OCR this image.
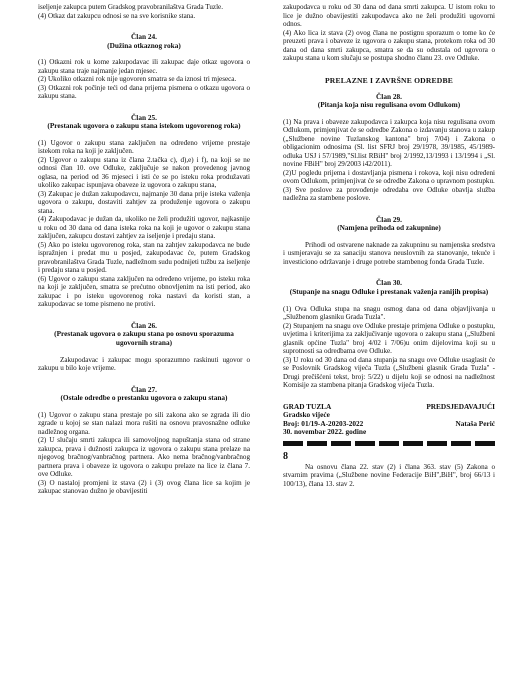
iseljenje zakupca putem Gradskog pravobranilaštva Grada Tuzle.

(4) Otkaz dat zakupcu odnosi se na sve korisnike stana.

Član 24.

(Dužina otkaznog roka)

(1) Otkazni rok u kome zakupodavac ili zakupac daje otkaz ugovora o zakupu stana traje najmanje jedan mjesec.

(2) Ukoliko otkazni rok nije ugovoren smatra se da iznosi tri mjeseca.

(3) Otkazni rok počinje teći od dana prijema pismena o otkazu ugovora o zakupu stana.

Član 25.

(Prestanak ugovora o zakupu stana istekom ugovorenog roka)

(1) Ugovor o zakupu stana zaključen na određeno vrijeme prestaje istekom roka na koji je zaključen.

(2) Ugovor o zakupu stana iz člana 2.tačka c), d),e) i f), na koji se ne odnosi član 10. ove Odluke, zaključuje se nakon provedenog javnog oglasa, na period od 36 mjeseci i isti će se po isteku roka produžavati ukoliko zakupac ispunjava obaveze iz ugovora o zakupu stana,

(3) Zakupac je dužan zakupodavcu, najmanje 30 dana prije isteka važenja ugovora o zakupu, dostaviti zahtjev za produženje ugovora o zakupu stana.

(4) Zakupodavac je dužan da, ukoliko ne želi produžiti ugovor, najkasnije u roku od 30 dana od dana isteka roka na koji je ugovor o zakupu stana zaključen, zakupcu dostavi zahtjev za iseljenje i predaju stana.

(5) Ako po isteku ugovorenog roka, stan na zahtjev zakupodavca ne bude ispražnjen i predat mu u posjed, zakupodavac će, putem Gradskog pravobranilaštva Grada Tuzle, nadležnom sudu podnijeti tužbu za iseljenje i predaju stana u posjed.

(6) Ugovor o zakupu stana zaključen na određeno vrijeme, po isteku roka na koji je zaključen, smatra se prećutno obnovljenim na isti period, ako zakupac i po isteku ugovorenog roka nastavi da koristi stan, a zakupodavac se tome pismeno ne protivi.

Član 26.

(Prestanak ugovora o zakupu stana po osnovu sporazuma ugovornih strana)

Zakupodavac i zakupac mogu sporazumno raskinuti ugovor o zakupu u bilo koje vrijeme.

Član 27.

(Ostale odredbe o prestanku ugovora o zakupu stana)

(1) Ugovor o zakupu stana prestaje po sili zakona ako se zgrada ili dio zgrade u kojoj se stan nalazi mora rušiti na osnovu pravosnažne odluke nadležnog organa.

(2) U slučaju smrti zakupca ili samovoljnog napuštanja stana od strane zakupca, prava i dužnosti zakupca iz ugovora o zakupu stana prelaze na njegovog bračnog/vanbračnog partnera. Ako nema bračnog/vanbračnog partnera prava i obaveze iz ugovora o zakupu prelaze na lice iz člana 7. ove Odluke.

(3) O nastaloj promjeni iz stava (2) i (3) ovog člana lice sa kojim je zakupac stanovao dužno je obavijestiti

zakupodavca u roku od 30 dana od dana smrti zakupca. U istom roku to lice je dužno obavijestiti zakupodavca ako ne želi produžiti ugovorni odnos.

(4) Ako lica iz stava (2) ovog člana ne postignu sporazum o tome ko će preuzeti prava i obaveze iz ugovora o zakupu stana, protekom roka od 30 dana od dana smrti zakupca, smatra se da su odustala od ugovora o zakupu stana u kom slučaju se postupa shodno članu 23. ove Odluke.

PRELAZNE I ZAVRŠNE ODREDBE

Član 28.

(Pitanja koja nisu regulisana ovom Odlukom)

(1) Na prava i obaveze zakupodavca i zakupca koja nisu regulisana ovom Odlukom, primjenjivat će se odredbe Zakona o izdavanju stanova u zakup („Službene novine Tuzlanskog kantona" broj 7/04) i Zakona o obligacionim odnosima (Sl. list SFRJ broj 29/1978, 39/1985, 45/1989-odluka USJ i 57/1989,"Sl.list RBiH" broj 2/1992,13/1993 i 13/1994 i „Sl. novine FBiH" broj 29/2003 i42/2011).

(2)U pogledu prijema i dostavljanja pismena i rokova, koji nisu određeni ovom Odlukom, primjenjivat će se odredbe Zakona o upravnom postupku.

(3) Sve poslove za provođenje odredaba ove Odluke obavlja služba nadležna za stambene poslove.

Član 29.

(Namjena prihoda od zakupnine)

Prihodi od ostvarene naknade za zakupninu su namjenska sredstva i usmjeravaju se za sanaciju stanova neuslovnih za stanovanje, tekuće i investiciono održavanje i druge potrebe stambenog fonda Grada Tuzle.

Član 30.

(Stupanje na snagu Odluke i prestanak važenja ranijih propisa)

(1) Ova Odluka stupa na snagu osmog dana od dana objavljivanja u „Službenom glasniku Grada Tuzla".

(2) Stupanjem na snagu ove Odluke prestaje primjena Odluke o postupku, uvjetima i kriterijima za zaključivanje ugovora o zakupu stana („Službeni glasnik općine Tuzla" broj 4/02 i 7/06)u onim dijelovima koji su u suprotnosti sa odredbama ove Odluke.

(3) U roku od 30 dana od dana stupanja na snagu ove Odluke usaglasit će se Poslovnik Gradskog vijeća Tuzla („Službeni glasnik Grada Tuzla" - Drugi prečišćeni tekst, broj: 5/22) u dijelu koji se odnosi na nadležnost Komisije za stambena pitanja Gradskog vijeća Tuzla.

GRAD TUZLA	PREDSJEDAVAJUĆI
Gradsko vijeće
Broj: 01/19-A-20203-2022	Nataša Perić
30. novembar 2022. godine
8

Na osnovu člana 22. stav (2) i člana 363. stav (5) Zakona o stvarnim pravima („Službene novine Federacije BiH",BiH", broj 66/13 i 100/13), člana 13. stav 2.
